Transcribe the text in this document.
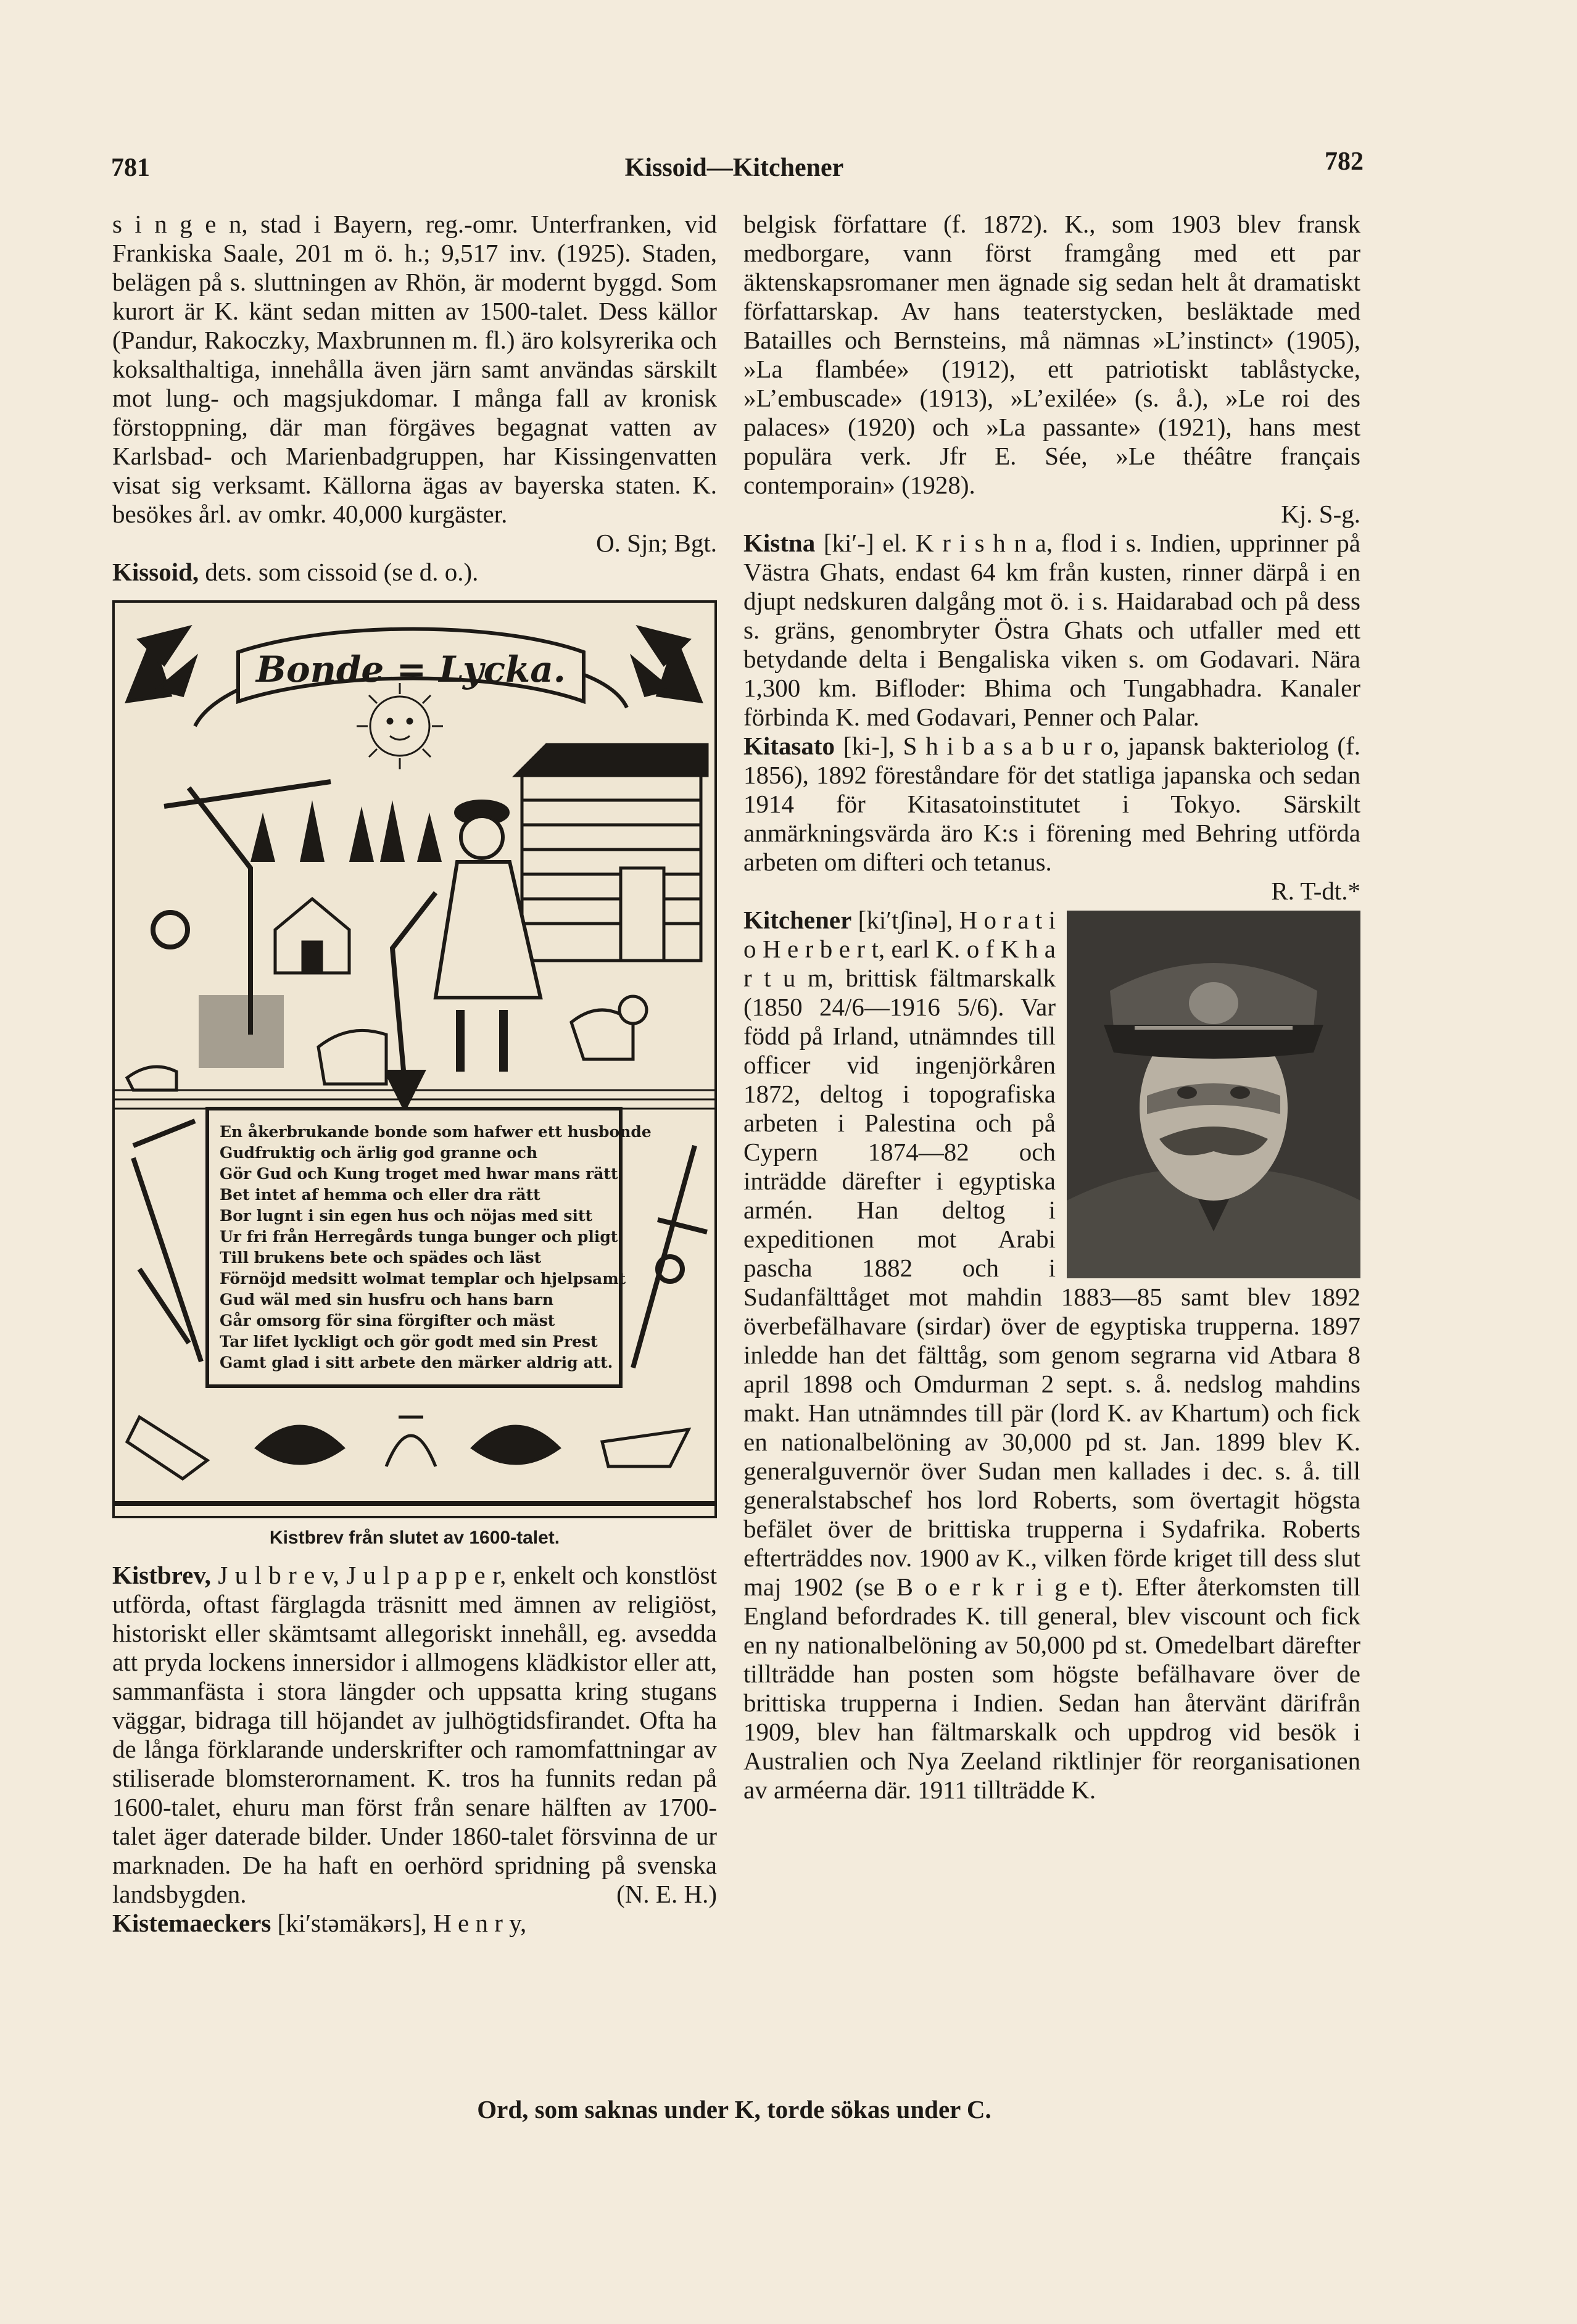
781	Kissoid—Kitchener	782

s i n g e n, stad i Bayern, reg.-omr. Unterfranken, vid Frankiska Saale, 201 m ö. h.; 9,517 inv. (1925). Staden, belägen på s. sluttningen av Rhön, är modernt byggd. Som kurort är K. känt sedan mitten av 1500-talet. Dess källor (Pandur, Rakoczky, Maxbrunnen m. fl.) äro kolsyrerika och koksalthaltiga, innehålla även järn samt användas särskilt mot lung- och magsjukdomar. I många fall av kronisk förstoppning, där man förgäves begagnat vatten av Karlsbad- och Marienbadgruppen, har Kissingenvatten visat sig verksamt. Källorna ägas av bayerska staten. K. besökes årl. av omkr. 40,000 kurgäster.
O. Sjn; Bgt.

Kissoid, dets. som cissoid (se d. o.).

Bonde = Lycka.
En åkerbrukande bonde som hafwer ett husbonde
Gudfruktig och ärlig god granne och
Gör Gud och Kung troget med hwar mans rätt
Bet intet af hemma och eller dra rätt
Bor lugnt i sin egen hus och nöjas med sitt
Ur fri från Herregårds tunga bunger och pligt
Till brukens bete och spädes och läst
Förnöjd medsitt wolmat templar och hjelpsamt
Gud wäl med sin husfru och hans barn
Går omsorg för sina förgifter och mäst
Tar lifet lyckligt och gör godt med sin Prest
Gamt glad i sitt arbete den märker aldrig att.
Kistbrev från slutet av 1600-talet.

Kistbrev, J u l b r e v, J u l p a p p e r, enkelt och konstlöst utförda, oftast färglagda träsnitt med ämnen av religiöst, historiskt eller skämtsamt allegoriskt innehåll, eg. avsedda att pryda lockens innersidor i allmogens klädkistor eller att, sammanfästa i stora längder och uppsatta kring stugans väggar, bidraga till höjandet av julhögtidsfirandet. Ofta ha de långa förklarande underskrifter och ramomfattningar av stiliserade blomsterornament. K. tros ha funnits redan på 1600-talet, ehuru man först från senare hälften av 1700-talet äger daterade bilder. Under 1860-talet försvinna de ur marknaden. De ha haft en oerhörd spridning på svenska landsbygden.	(N. E. H.)

Kistemaeckers [ki′stəmäkərs], H e n r y,

belgisk författare (f. 1872). K., som 1903 blev fransk medborgare, vann först framgång med ett par äktenskapsromaner men ägnade sig sedan helt åt dramatiskt författarskap. Av hans teaterstycken, besläktade med Batailles och Bernsteins, må nämnas »L’instinct» (1905), »La flambée» (1912), ett patriotiskt tablåstycke, »L’embuscade» (1913), »L’exilée» (s. å.), »Le roi des palaces» (1920) och »La passante» (1921), hans mest populära verk. Jfr E. Sée, »Le théâtre français contemporain» (1928).
Kj. S-g.

Kistna [ki′-] el. K r i s h n a, flod i s. Indien, upprinner på Västra Ghats, endast 64 km från kusten, rinner därpå i en djupt nedskuren dalgång mot ö. i s. Haidarabad och på dess s. gräns, genombryter Östra Ghats och utfaller med ett betydande delta i Bengaliska viken s. om Godavari. Nära 1,300 km. Bifloder: Bhima och Tungabhadra. Kanaler förbinda K. med Godavari, Penner och Palar.

Kitasato [ki-], S h i b a s a b u r o, japansk bakteriolog (f. 1856), 1892 föreståndare för det statliga japanska och sedan 1914 för Kitasatoinstitutet i Tokyo. Särskilt anmärkningsvärda äro K:s i förening med Behring utförda arbeten om difteri och tetanus.
R. T-dt.*

Kitchener [ki′tʃinə], H o r a t i o H e r b e r t, earl K. o f K h a r t u m, brittisk fältmarskalk (1850 24/6—1916 5/6). Var född på Irland, utnämndes till officer vid ingenjörkåren 1872, deltog i topografiska arbeten i Palestina och på Cypern 1874—82 och inträdde därefter i egyptiska armén. Han deltog i expeditionen mot Arabi pascha 1882 och i Sudanfälttåget mot mahdin 1883—85 samt blev 1892 överbefälhavare (sirdar) över de egyptiska trupperna. 1897 inledde han det fälttåg, som genom segrarna vid Atbara 8 april 1898 och Omdurman 2 sept. s. å. nedslog mahdins makt. Han utnämndes till pär (lord K. av Khartum) och fick en nationalbelöning av 30,000 pd st. Jan. 1899 blev K. generalguvernör över Sudan men kallades i dec. s. å. till generalstabschef hos lord Roberts, som övertagit högsta befälet över de brittiska trupperna i Sydafrika. Roberts efterträddes nov. 1900 av K., vilken förde kriget till dess slut maj 1902 (se B o e r k r i g e t). Efter återkomsten till England befordrades K. till general, blev viscount och fick en ny nationalbelöning av 50,000 pd st. Omedelbart därefter tillträdde han posten som högste befälhavare över de brittiska trupperna i Indien. Sedan han återvänt därifrån 1909, blev han fältmarskalk och uppdrog vid besök i Australien och Nya Zeeland riktlinjer för reorganisationen av arméerna där. 1911 tillträdde K.

Ord, som saknas under K, torde sökas under C.
